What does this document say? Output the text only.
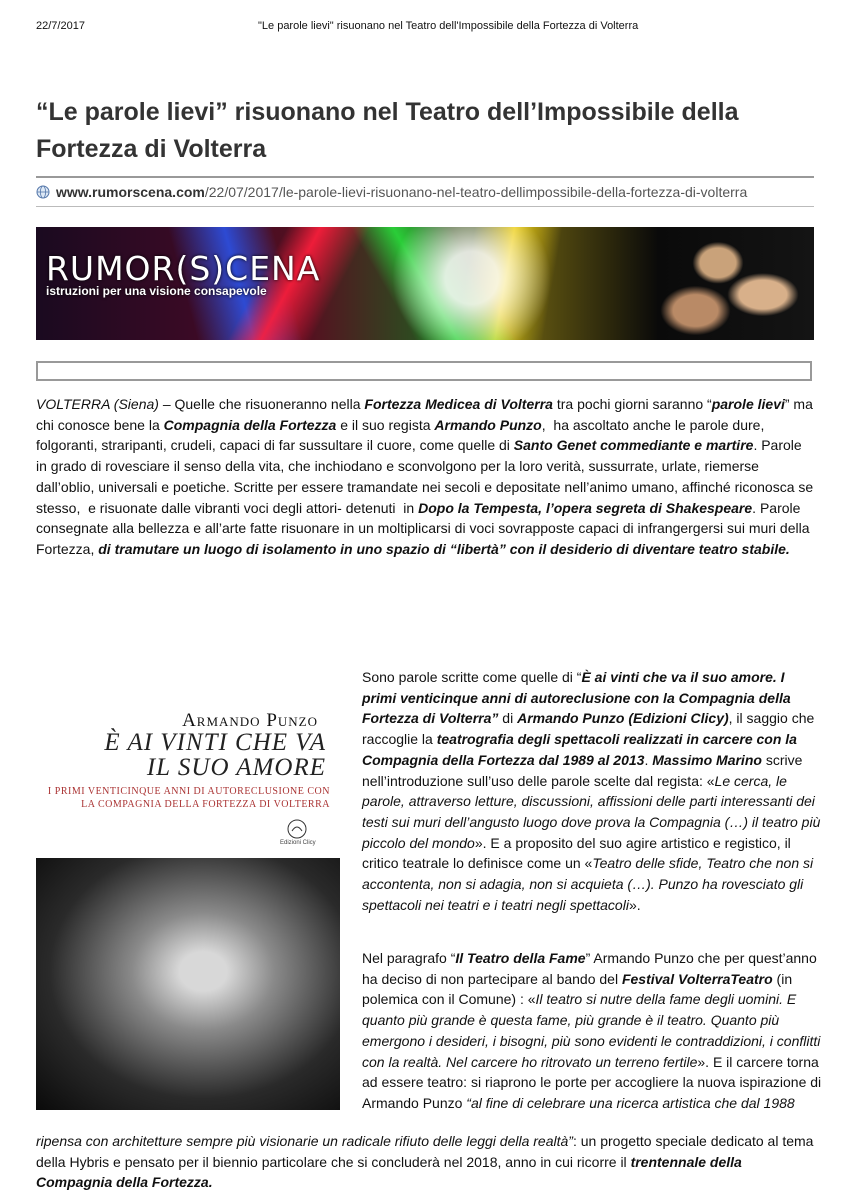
22/7/2017	"Le parole lievi" risuonano nel Teatro dell'Impossibile della Fortezza di Volterra
“Le parole lievi” risuonano nel Teatro dell’Impossibile della Fortezza di Volterra
www.rumorscena.com/22/07/2017/le-parole-lievi-risuonano-nel-teatro-dellimpossibile-della-fortezza-di-volterra
RUMOR(S)CENA
istruzioni per una visione consapevole

VOLTERRA (Siena) – Quelle che risuoneranno nella Fortezza Medicea di Volterra tra pochi giorni saranno “parole lievi” ma chi conosce bene la Compagnia della Fortezza e il suo regista Armando Punzo,  ha ascoltato anche le parole dure, folgoranti, straripanti, crudeli, capaci di far sussultare il cuore, come quelle di Santo Genet commediante e martire. Parole in grado di rovesciare il senso della vita, che inchiodano e sconvolgono per la loro verità, sussurrate, urlate, riemerse dall’oblio, universali e poetiche. Scritte per essere tramandate nei secoli e depositate nell’animo umano, affinché riconosca se stesso,  e risuonate dalle vibranti voci degli attori- detenuti  in Dopo la Tempesta, l’opera segreta di Shakespeare. Parole consegnate alla bellezza e all’arte fatte risuonare in un moltiplicarsi di voci sovrapposte capaci di infrangergersi sui muri della Fortezza, di tramutare un luogo di isolamento in uno spazio di “libertà” con il desiderio di diventare teatro stabile.

Armando Punzo
È AI VINTI CHE VA
IL SUO AMORE
I PRIMI VENTICINQUE ANNI DI AUTORECLUSIONE CON
LA COMPAGNIA DELLA FORTEZZA DI VOLTERRA
Edizioni Clicy

Sono parole scritte come quelle di “È ai vinti che va il suo amore. I primi venticinque anni di autoreclusione con la Compagnia della Fortezza di Volterra” di Armando Punzo (Edizioni Clicy), il saggio che raccoglie la teatrografia degli spettacoli realizzati in carcere con la Compagnia della Fortezza dal 1989 al 2013. Massimo Marino scrive nell’introduzione sull’uso delle parole scelte dal regista: «Le cerca, le parole, attraverso letture, discussioni, affissioni delle parti interessanti dei testi sui muri dell’angusto luogo dove prova la Compagnia (…) il teatro più piccolo del mondo». E a proposito del suo agire artistico e registico, il critico teatrale lo definisce come un «Teatro delle sfide, Teatro che non si accontenta, non si adagia, non si acquieta (…). Punzo ha rovesciato gli spettacoli nei teatri e i teatri negli spettacoli».

Nel paragrafo “Il Teatro della Fame” Armando Punzo che per quest’anno ha deciso di non partecipare al bando del Festival VolterraTeatro (in polemica con il Comune) : «Il teatro si nutre della fame degli uomini. E quanto più grande è questa fame, più grande è il teatro. Quanto più emergono i desideri, i bisogni, più sono evidenti le contraddizioni, i conflitti con la realtà. Nel carcere ho ritrovato un terreno fertile». E il carcere torna ad essere teatro: si riaprono le porte per accogliere la nuova ispirazione di Armando Punzo “al fine di celebrare una ricerca artistica che dal 1988

ripensa con architetture sempre più visionarie un radicale rifiuto delle leggi della realtà”: un progetto speciale dedicato al tema della Hybris e pensato per il biennio particolare che si concluderà nel 2018, anno in cui ricorre il trentennale della Compagnia della Fortezza.
